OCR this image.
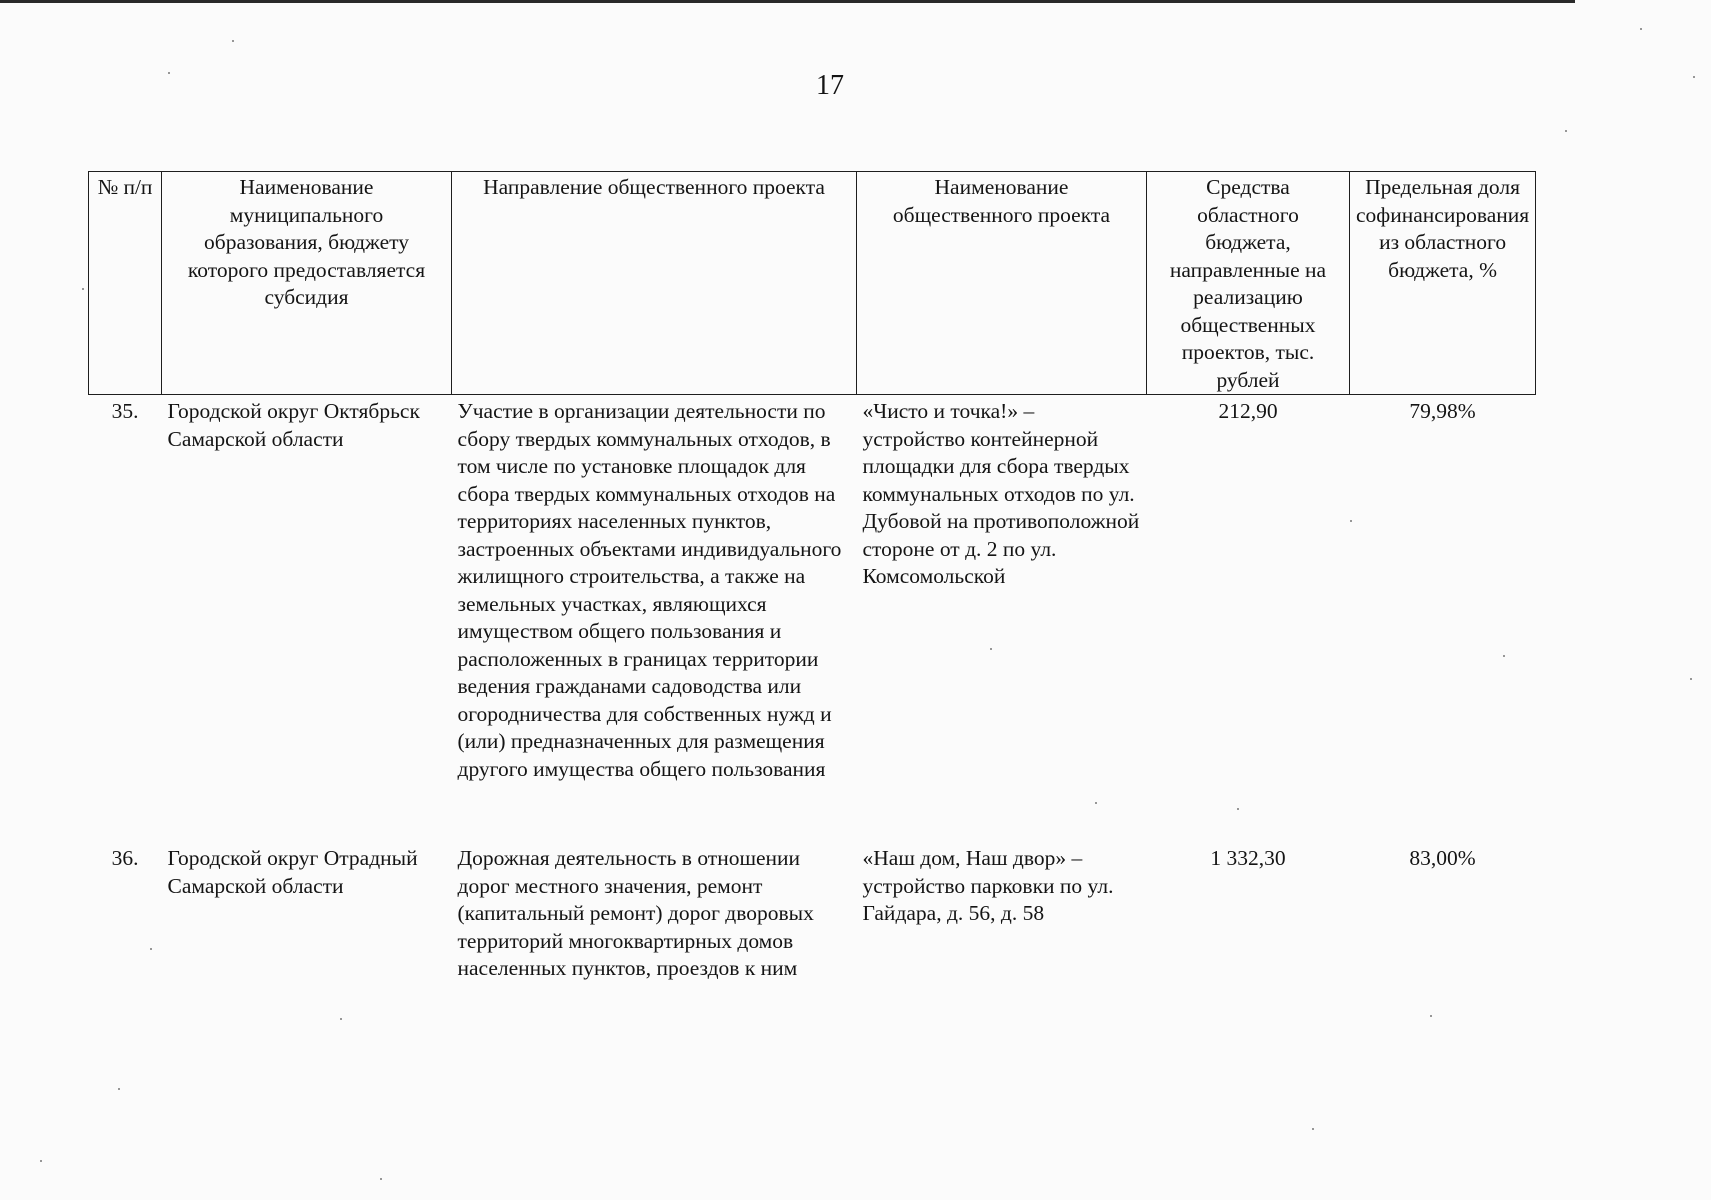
17
№ п/п	Наименование муниципального образования, бюджету которого предоставляется субсидия	Направление общественного проекта	Наименование общественного проекта	Средства областного бюджета, направленные на реализацию общественных проектов, тыс. рублей	Предельная доля софинансирования из областного бюджета, %
35.	Городской округ Октябрьск Самарской области	Участие в организации деятельности по сбору твердых коммунальных отходов, в том числе по установке площадок для сбора твердых коммунальных отходов на территориях населенных пунктов, застроенных объектами индивидуального жилищного строительства, а также на земельных участках, являющихся имуществом общего пользования и расположенных в границах территории ведения гражданами садоводства или огородничества для собственных нужд и (или) предназначенных для размещения другого имущества общего пользования	«Чисто и точка!» – устройство контейнерной площадки для сбора твердых коммунальных отходов по ул. Дубовой на противоположной стороне от д. 2 по ул. Комсомольской	212,90	79,98%
36.	Городской округ Отрадный Самарской области	Дорожная деятельность в отношении дорог местного значения, ремонт (капитальный ремонт) дорог дворовых территорий многоквартирных домов населенных пунктов, проездов к ним	«Наш дом, Наш двор» – устройство парковки по ул. Гайдара, д. 56, д. 58	1 332,30	83,00%
